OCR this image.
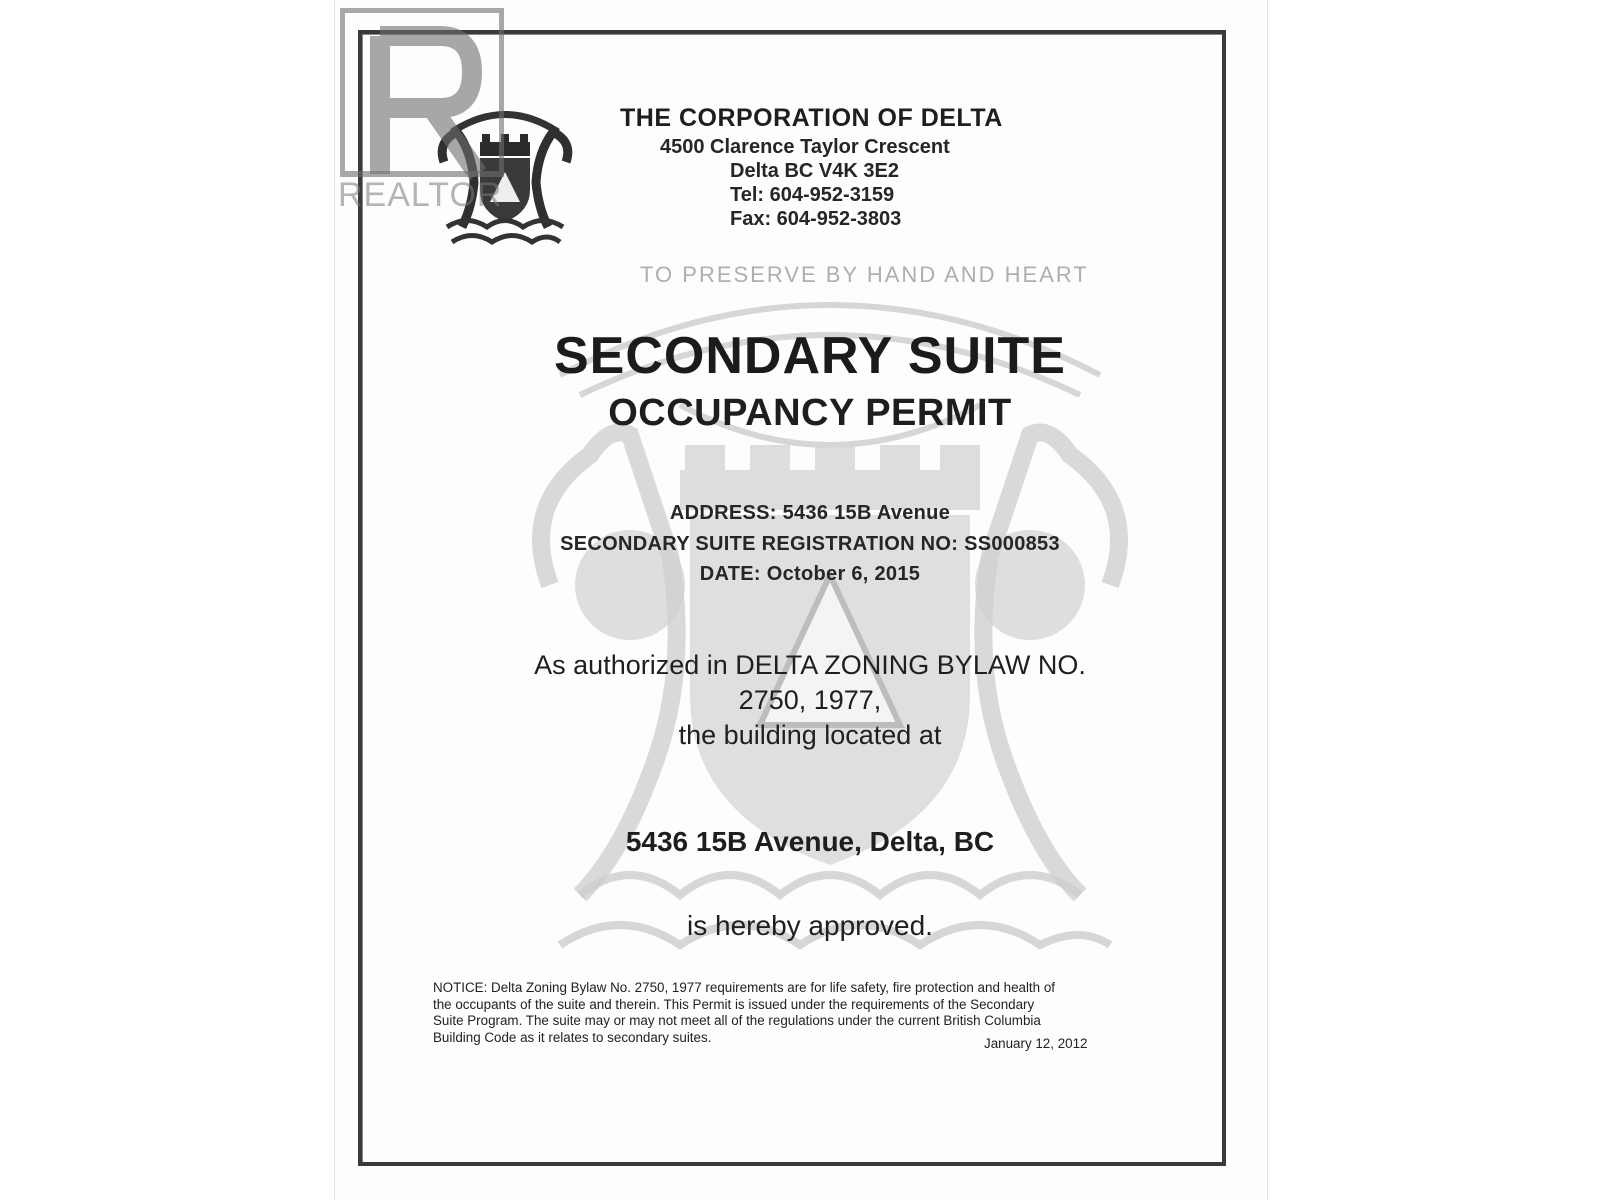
REALTOR
THE CORPORATION OF DELTA
4500 Clarence Taylor Crescent
Delta BC V4K 3E2
Tel: 604-952-3159
Fax: 604-952-3803
TO PRESERVE BY HAND AND HEART
SECONDARY SUITE
OCCUPANCY PERMIT
ADDRESS: 5436 15B Avenue
SECONDARY SUITE REGISTRATION NO: SS000853
DATE: October 6, 2015
As authorized in DELTA ZONING BYLAW NO.
2750, 1977,
the building located at
5436 15B Avenue, Delta, BC
is hereby approved.
NOTICE: Delta Zoning Bylaw No. 2750, 1977 requirements are for life safety, fire protection and health of
the occupants of the suite and therein. This Permit is issued under the requirements of the Secondary
Suite Program. The suite may or may not meet all of the regulations under the current British Columbia
Building Code as it relates to secondary suites.	January 12, 2012
